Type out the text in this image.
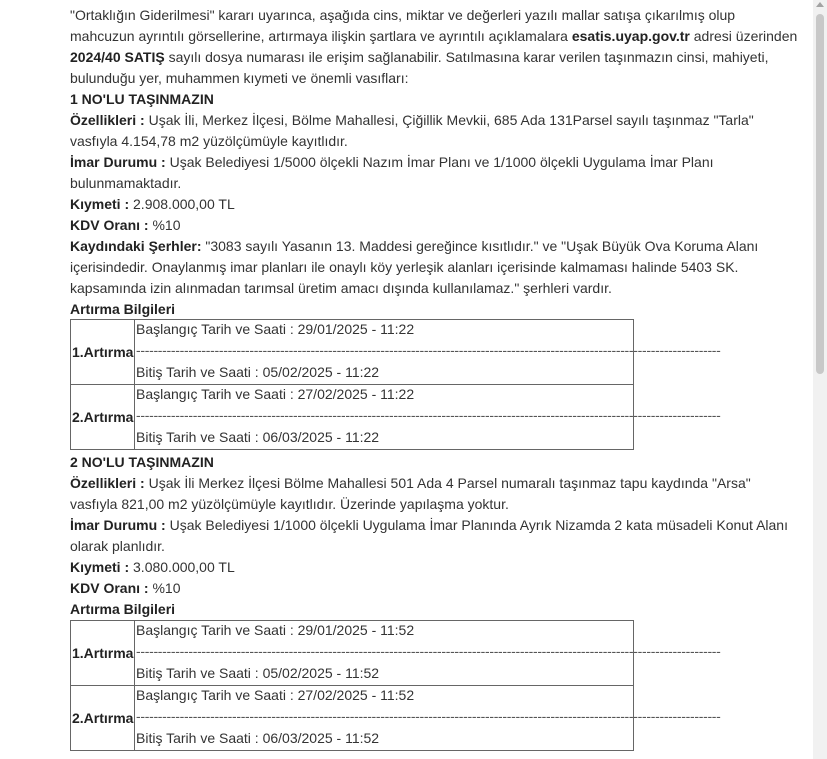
"Ortaklığın Giderilmesi" kararı uyarınca, aşağıda cins, miktar ve değerleri yazılı mallar satışa çıkarılmış olup
mahcuzun ayrıntılı görsellerine, artırmaya ilişkin şartlara ve ayrıntılı açıklamalara esatis.uyap.gov.tr adresi üzerinden
2024/40 SATIŞ sayılı dosya numarası ile erişim sağlanabilir. Satılmasına karar verilen taşınmazın cinsi, mahiyeti,
bulunduğu yer, muhammen kıymeti ve önemli vasıfları:
1 NO'LU TAŞINMAZIN
Özellikleri : Uşak İli, Merkez İlçesi, Bölme Mahallesi, Çiğillik Mevkii, 685 Ada 131Parsel sayılı taşınmaz "Tarla"
vasfıyla 4.154,78 m2 yüzölçümüyle kayıtlıdır.
İmar Durumu : Uşak Belediyesi 1/5000 ölçekli Nazım İmar Planı ve 1/1000 ölçekli Uygulama İmar Planı
bulunmamaktadır.
Kıymeti : 2.908.000,00 TL
KDV Oranı : %10
Kaydındaki Şerhler: "3083 sayılı Yasanın 13. Maddesi gereğince kısıtlıdır." ve "Uşak Büyük Ova Koruma Alanı
içerisindedir. Onaylanmış imar planları ile onaylı köy yerleşik alanları içerisinde kalmaması halinde 5403 SK.
kapsamında izin alınmadan tarımsal üretim amacı dışında kullanılamaz." şerhleri vardır.
Artırma Bilgileri
1.Artırma	Başlangıç Tarih ve Saati : 29/01/2025 - 11:22
--------------------------------------------------------------------------------------------------------------------------------------
Bitiş Tarih ve Saati : 05/02/2025 - 11:22

2.Artırma	Başlangıç Tarih ve Saati : 27/02/2025 - 11:22
--------------------------------------------------------------------------------------------------------------------------------------
Bitiş Tarih ve Saati : 06/03/2025 - 11:22
2 NO'LU TAŞINMAZIN
Özellikleri : Uşak İli Merkez İlçesi Bölme Mahallesi 501 Ada 4 Parsel numaralı taşınmaz tapu kaydında "Arsa"
vasfıyla 821,00 m2 yüzölçümüyle kayıtlıdır. Üzerinde yapılaşma yoktur.
İmar Durumu : Uşak Belediyesi 1/1000 ölçekli Uygulama İmar Planında Ayrık Nizamda 2 kata müsadeli Konut Alanı
olarak planlıdır.
Kıymeti : 3.080.000,00 TL
KDV Oranı : %10
Artırma Bilgileri
1.Artırma	Başlangıç Tarih ve Saati : 29/01/2025 - 11:52
--------------------------------------------------------------------------------------------------------------------------------------
Bitiş Tarih ve Saati : 05/02/2025 - 11:52

2.Artırma	Başlangıç Tarih ve Saati : 27/02/2025 - 11:52
--------------------------------------------------------------------------------------------------------------------------------------
Bitiş Tarih ve Saati : 06/03/2025 - 11:52
